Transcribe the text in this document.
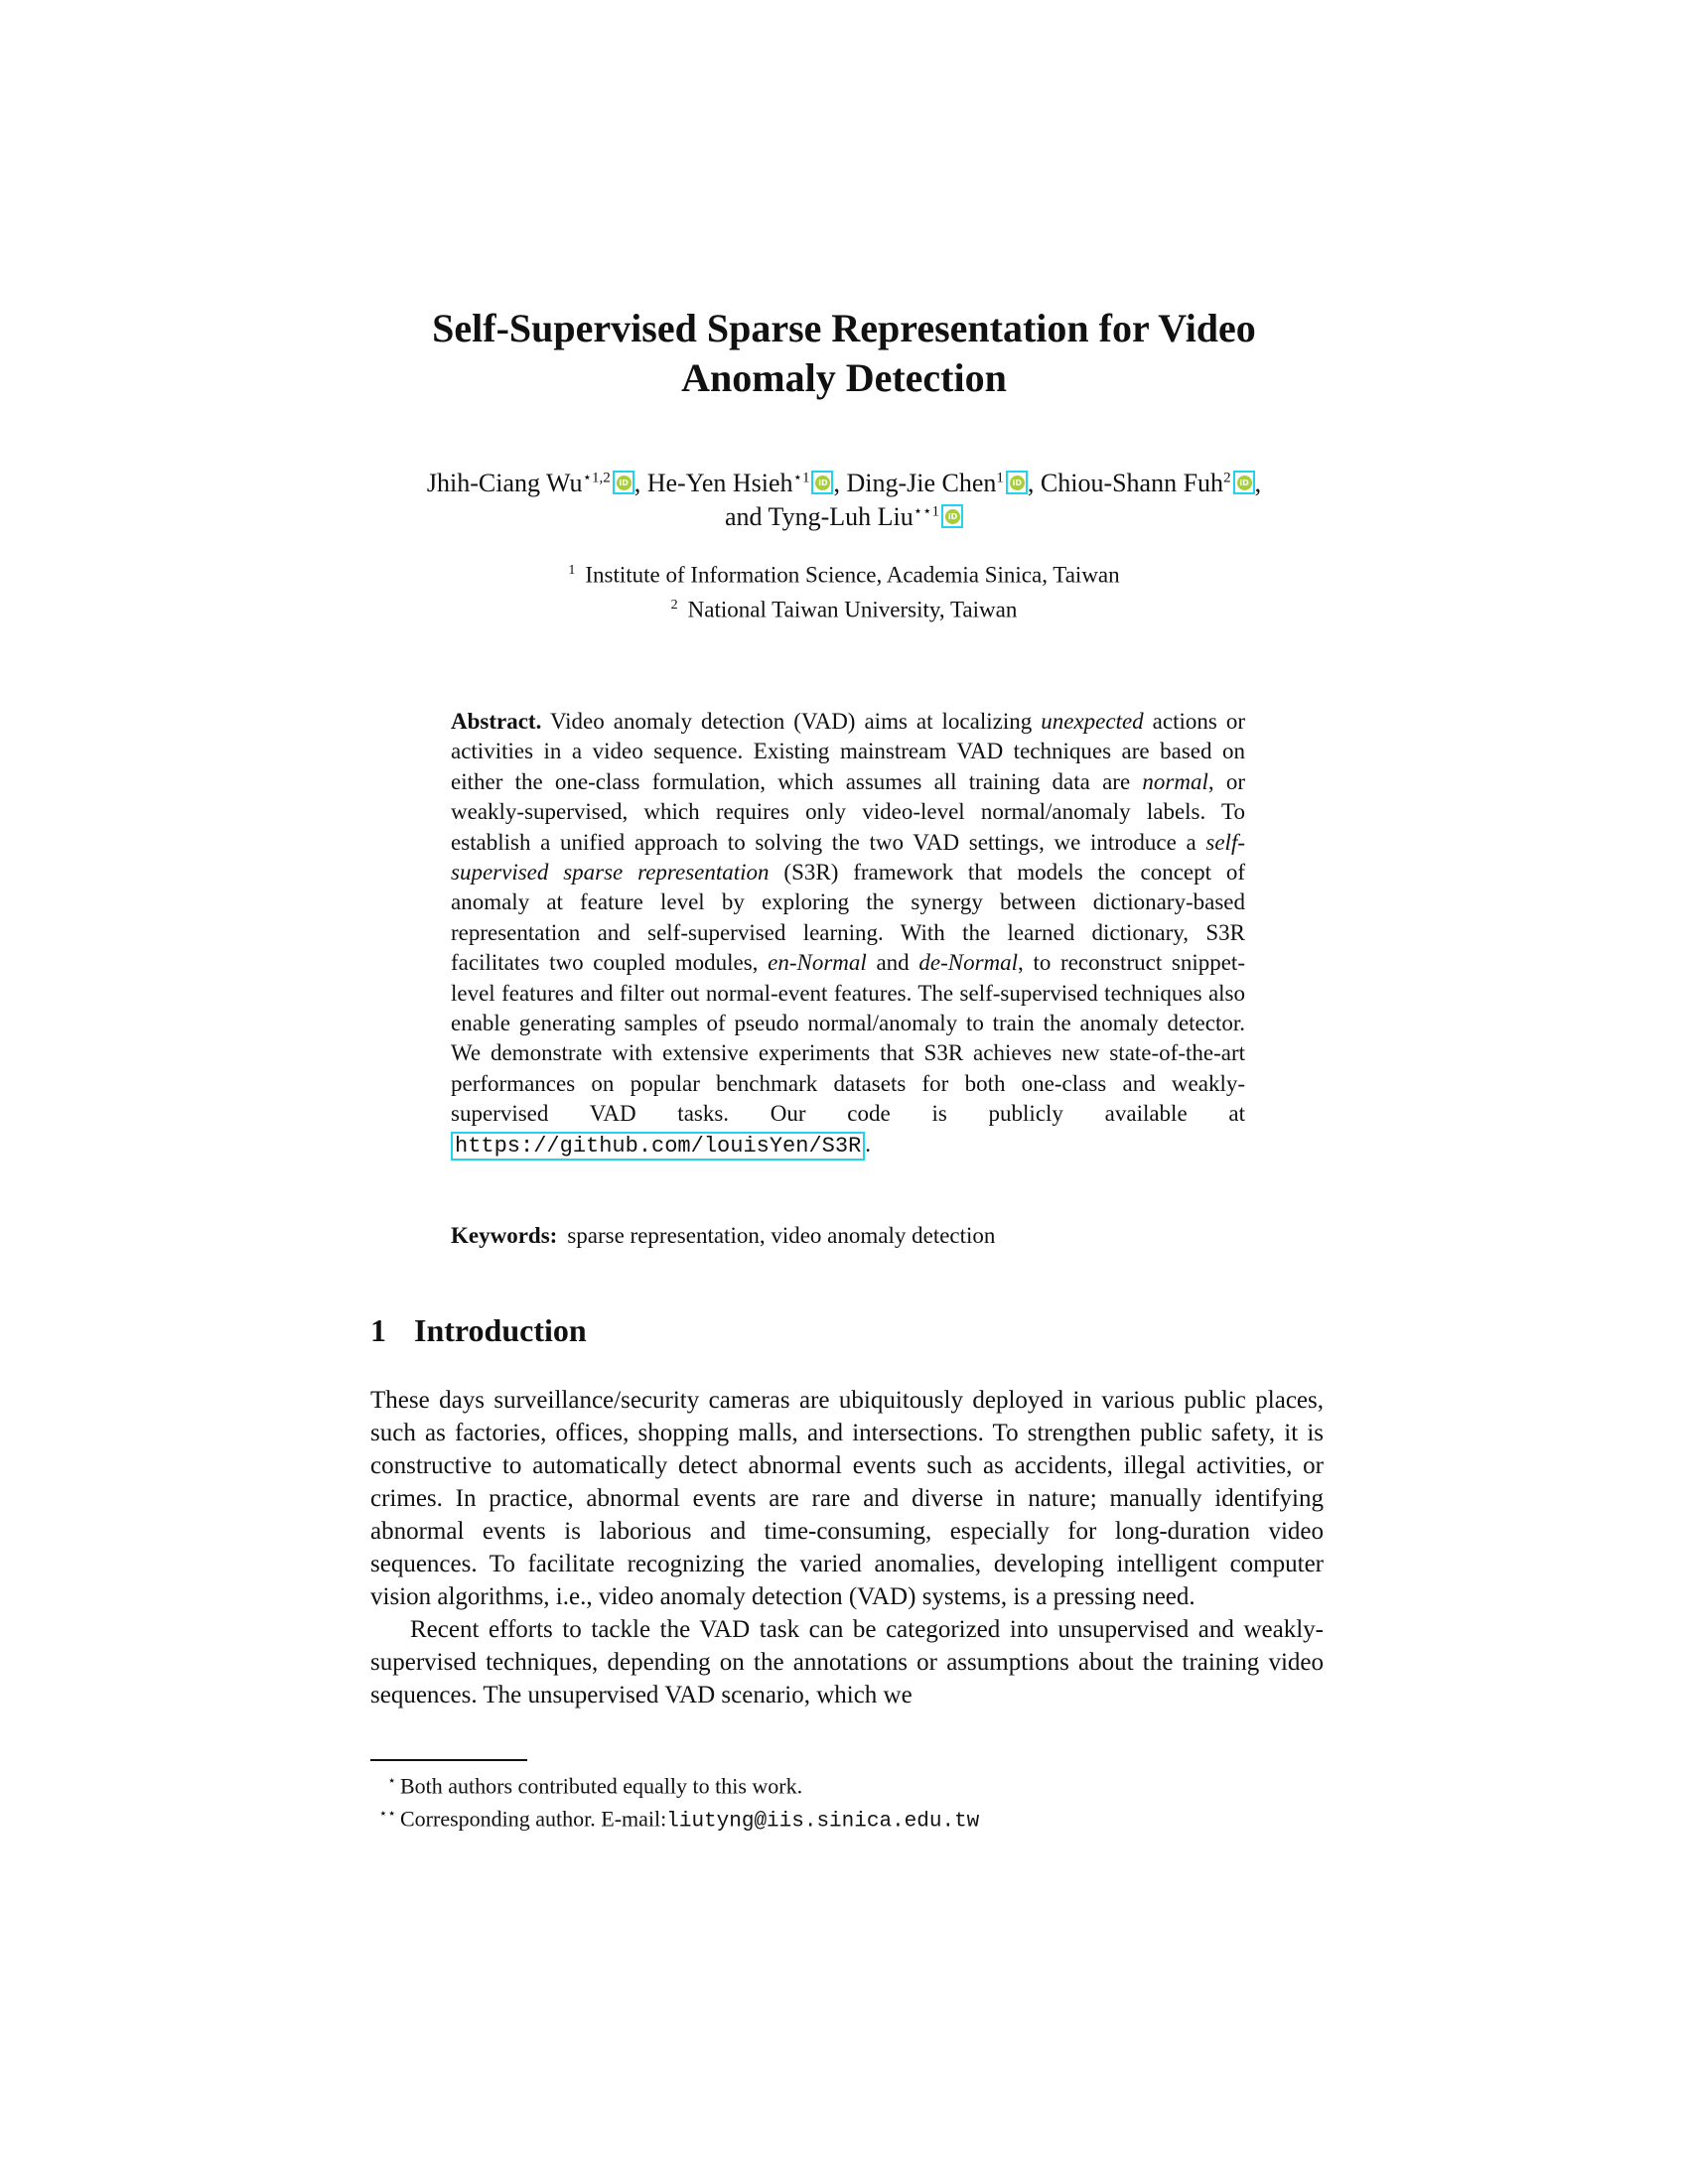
Self-Supervised Sparse Representation for Video
Anomaly Detection
Jhih-Ciang $Wu^{⋆1,2}iD$ , He-Yen Hsieh$^{⋆1}$iD , Ding-Jie Chen$^1$iD , Chiou-Shann Fuh$^2$iD ,
and Tyng-Luh Liu$^{⋆⋆1}$iD
$^1$ Institute of Information Science, Academia Sinica, Taiwan
$^2$ National Taiwan University, Taiwan
Abstract. Video anomaly detection (VAD) aims at localizing unexpected actions or activities in a video sequence. Existing mainstream VAD techniques are based on either the one-class formulation, which assumes all training data are normal, or weakly-supervised, which requires only video-level normal/anomaly labels. To establish a unified approach to solving the two VAD settings, we introduce a self-supervised sparse representation (S3R) framework that models the concept of anomaly at feature level by exploring the synergy between dictionary-based representation and self-supervised learning. With the learned dictionary, S3R facilitates two coupled modules, en-Normal and de-Normal, to reconstruct snippet-level features and filter out normal-event features. The self-supervised techniques also enable generating samples of pseudo normal/anomaly to train the anomaly detector. We demonstrate with extensive experiments that S3R achieves new state-of-the-art performances on popular benchmark datasets for both one-class and weakly-supervised VAD tasks. Our code is publicly available at https://github.com/louisYen/S3R .
Keywords: sparse representation, video anomaly detection
1 Introduction

These days surveillance/security cameras are ubiquitously deployed in various public places, such as factories, offices, shopping malls, and intersections. To strengthen public safety, it is constructive to automatically detect abnormal events such as accidents, illegal activities, or crimes. In practice, abnormal events are rare and diverse in nature; manually identifying abnormal events is laborious and time-consuming, especially for long-duration video sequences. To facilitate recognizing the varied anomalies, developing intelligent computer vision algorithms, i.e., video anomaly detection (VAD) systems, is a pressing need.

Recent efforts to tackle the VAD task can be categorized into unsupervised and weakly-supervised techniques, depending on the annotations or assumptions about the training video sequences. The unsupervised VAD scenario, which we

⋆ Both authors contributed equally to this work.
⋆⋆ Corresponding author. E-mail:liutyng@iis.sinica.edu.tw
